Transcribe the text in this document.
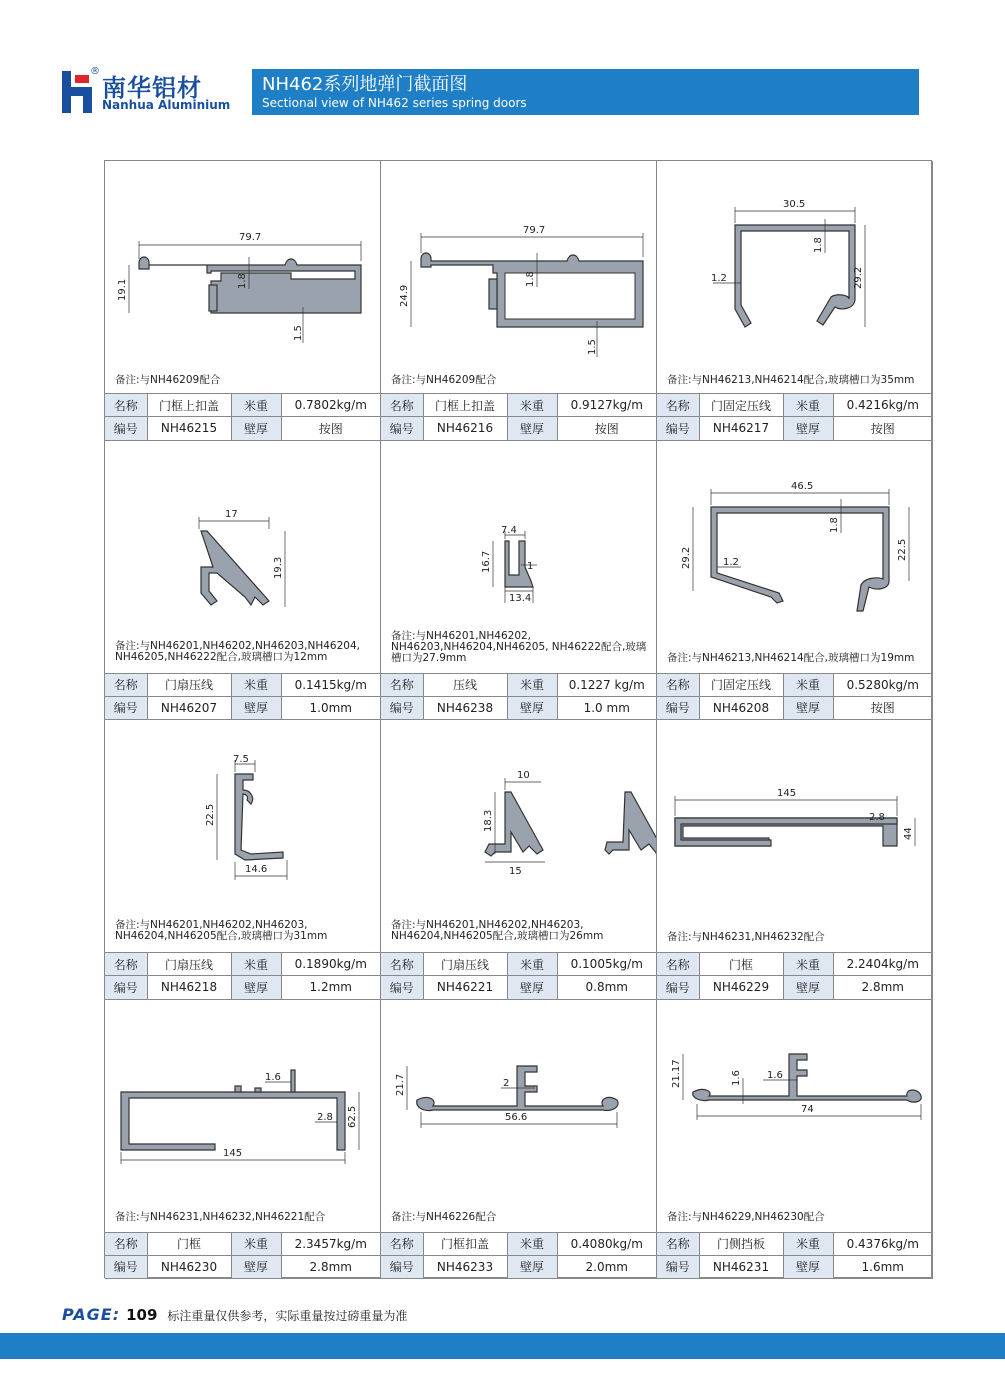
®
南华铝材
Nanhua Aluminium
NH462系列地弹门截面图
Sectional view of NH462 series spring doors
79.7
19.1	1.8
1.5
备注:与NH46209配合
名称	门框上扣盖	米重	0.7802kg/m
编号	NH46215	壁厚	按图
79.7
24.9
1.8
1.5
备注:与NH46209配合
名称	门框上扣盖	米重	0.9127kg/m
编号	NH46216	壁厚	按图
30.5
1.8
1.2	29.2
备注:与NH46213,NH46214配合,玻璃槽口为35mm
名称	门固定压线	米重	0.4216kg/m
编号	NH46217	壁厚	按图
17
19.3
备注:与NH46201,NH46202,NH46203,NH46204, NH46205,NH46222配合,玻璃槽口为12mm
名称	门扇压线	米重	0.1415kg/m
编号	NH46207	壁厚	1.0mm
7.4
16.7	1
13.4
备注:与NH46201,NH46202, NH46203,NH46204,NH46205, NH46222配合,玻璃槽口为27.9mm
名称	压线	米重	0.1227 kg/m
编号	NH46238	壁厚	1.0 mm
46.5
1.8
29.2	1.2
22.5
备注:与NH46213,NH46214配合,玻璃槽口为19mm
名称	门固定压线	米重	0.5280kg/m
编号	NH46208	壁厚	按图
7.5
22.5
14.6
备注:与NH46201,NH46202,NH46203, NH46204,NH46205配合,玻璃槽口为31mm
名称	门扇压线	米重	0.1890kg/m
编号	NH46218	壁厚	1.2mm
10
18.3
15
备注:与NH46201,NH46202,NH46203, NH46204,NH46205配合,玻璃槽口为26mm
名称	门扇压线	米重	0.1005kg/m
编号	NH46221	壁厚	0.8mm
145
2.8
44
备注:与NH46231,NH46232配合
名称	门框	米重	2.2404kg/m
编号	NH46229	壁厚	2.8mm
1.6
2.8 62.5
145
备注:与NH46231,NH46232,NH46221配合
名称	门框	米重	2.3457kg/m
编号	NH46230	壁厚	2.8mm
21.7	2
56.6
备注:与NH46226配合
名称	门框扣盖	米重	0.4080kg/m
编号	NH46233	壁厚	2.0mm
21.17	1.6	1.6
74
备注:与NH46229,NH46230配合
名称	门侧挡板	米重	0.4376kg/m
编号	NH46231	壁厚	1.6mm
PAGE: 109 标注重量仅供参考，实际重量按过磅重量为准
